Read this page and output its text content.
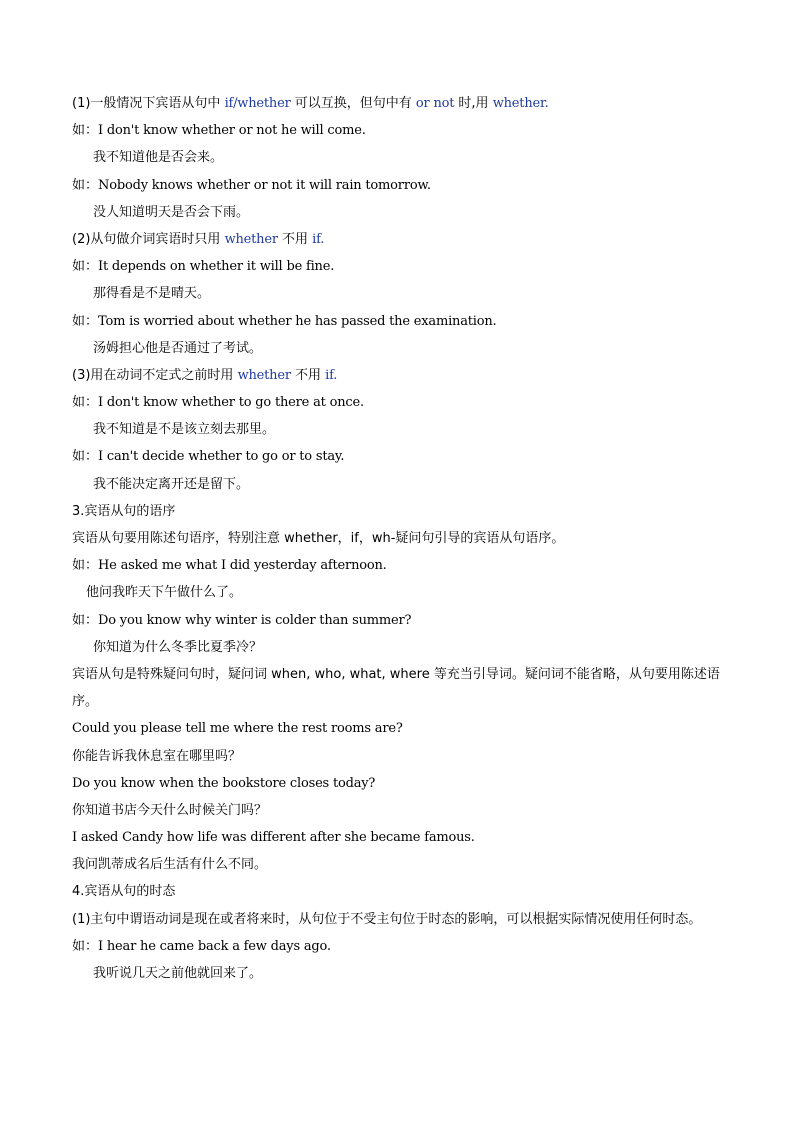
(1)一般情况下宾语从句中 if/whether 可以互换，但句中有 or not 时,用 whether.
如：I don't know whether or not he will come.
我不知道他是否会来。
如：Nobody knows whether or not it will rain tomorrow.
没人知道明天是否会下雨。
(2)从句做介词宾语时只用 whether 不用 if.
如：It depends on whether it will be fine.
那得看是不是晴天。
如：Tom is worried about whether he has passed the examination.
汤姆担心他是否通过了考试。
(3)用在动词不定式之前时用 whether 不用 if.
如：I don't know whether to go there at once.
我不知道是不是该立刻去那里。
如：I can't decide whether to go or to stay.
我不能决定离开还是留下。
3.宾语从句的语序
宾语从句要用陈述句语序，特别注意 whether，if，wh-疑问句引导的宾语从句语序。
如：He asked me what I did yesterday afternoon.
他问我昨天下午做什么了。
如：Do you know why winter is colder than summer?
你知道为什么冬季比夏季冷？
宾语从句是特殊疑问句时，疑问词 when, who, what, where 等充当引导词。疑问词不能省略，从句要用陈述语序。
Could you please tell me where the rest rooms are?
你能告诉我休息室在哪里吗？
Do you know when the bookstore closes today?
你知道书店今天什么时候关门吗？
I asked Candy how life was different after she became famous.
我问凯蒂成名后生活有什么不同。
4.宾语从句的时态
(1)主句中谓语动词是现在或者将来时，从句位于不受主句位于时态的影响，可以根据实际情况使用任何时态。
如：I hear he came back a few days ago.
我听说几天之前他就回来了。
